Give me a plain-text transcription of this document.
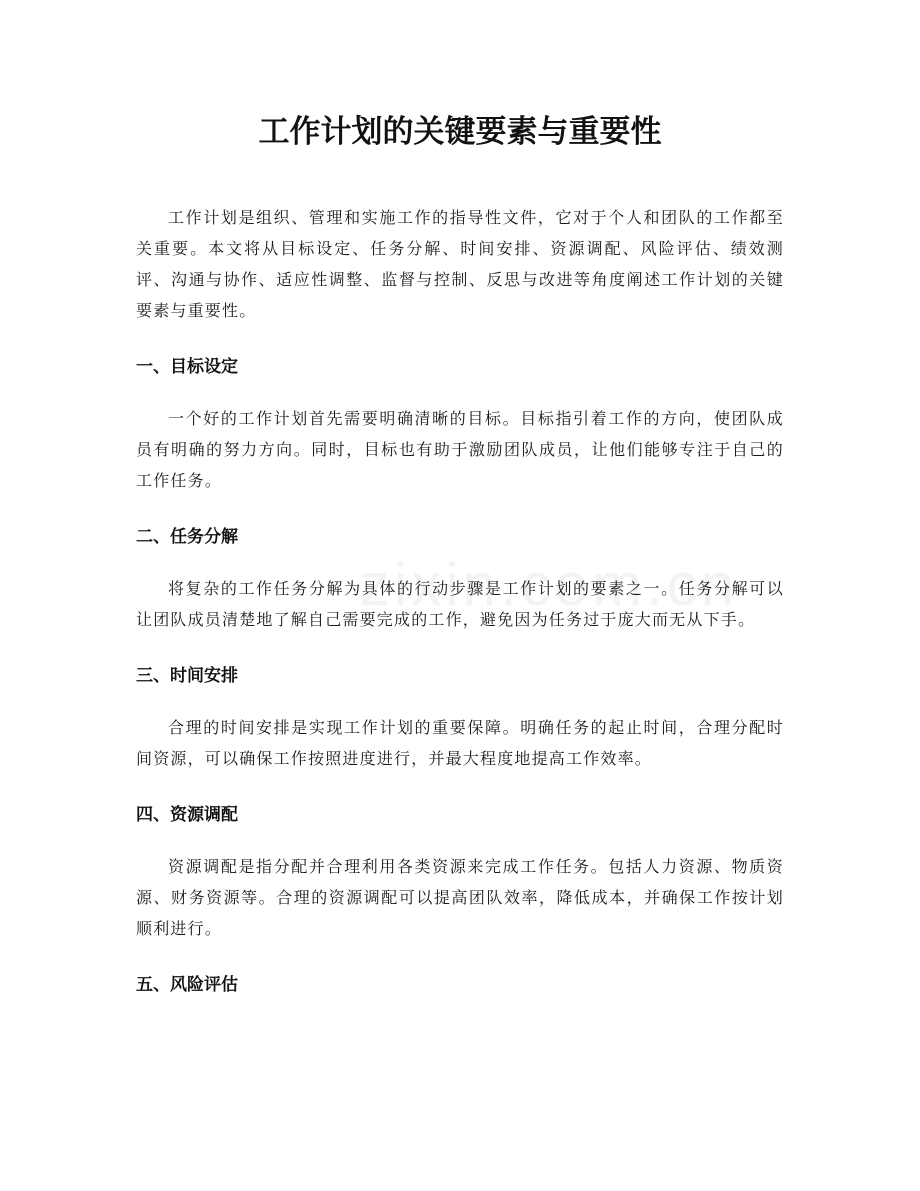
工作计划的关键要素与重要性

工作计划是组织、管理和实施工作的指导性文件，它对于个人和团队的工作都至关重要。本文将从目标设定、任务分解、时间安排、资源调配、风险评估、绩效测评、沟通与协作、适应性调整、监督与控制、反思与改进等角度阐述工作计划的关键要素与重要性。

一、目标设定

一个好的工作计划首先需要明确清晰的目标。目标指引着工作的方向，使团队成员有明确的努力方向。同时，目标也有助于激励团队成员，让他们能够专注于自己的工作任务。

二、任务分解

将复杂的工作任务分解为具体的行动步骤是工作计划的要素之一。任务分解可以让团队成员清楚地了解自己需要完成的工作，避免因为任务过于庞大而无从下手。

三、时间安排

合理的时间安排是实现工作计划的重要保障。明确任务的起止时间，合理分配时间资源，可以确保工作按照进度进行，并最大程度地提高工作效率。

四、资源调配

资源调配是指分配并合理利用各类资源来完成工作任务。包括人力资源、物质资源、财务资源等。合理的资源调配可以提高团队效率，降低成本，并确保工作按计划顺利进行。

五、风险评估
